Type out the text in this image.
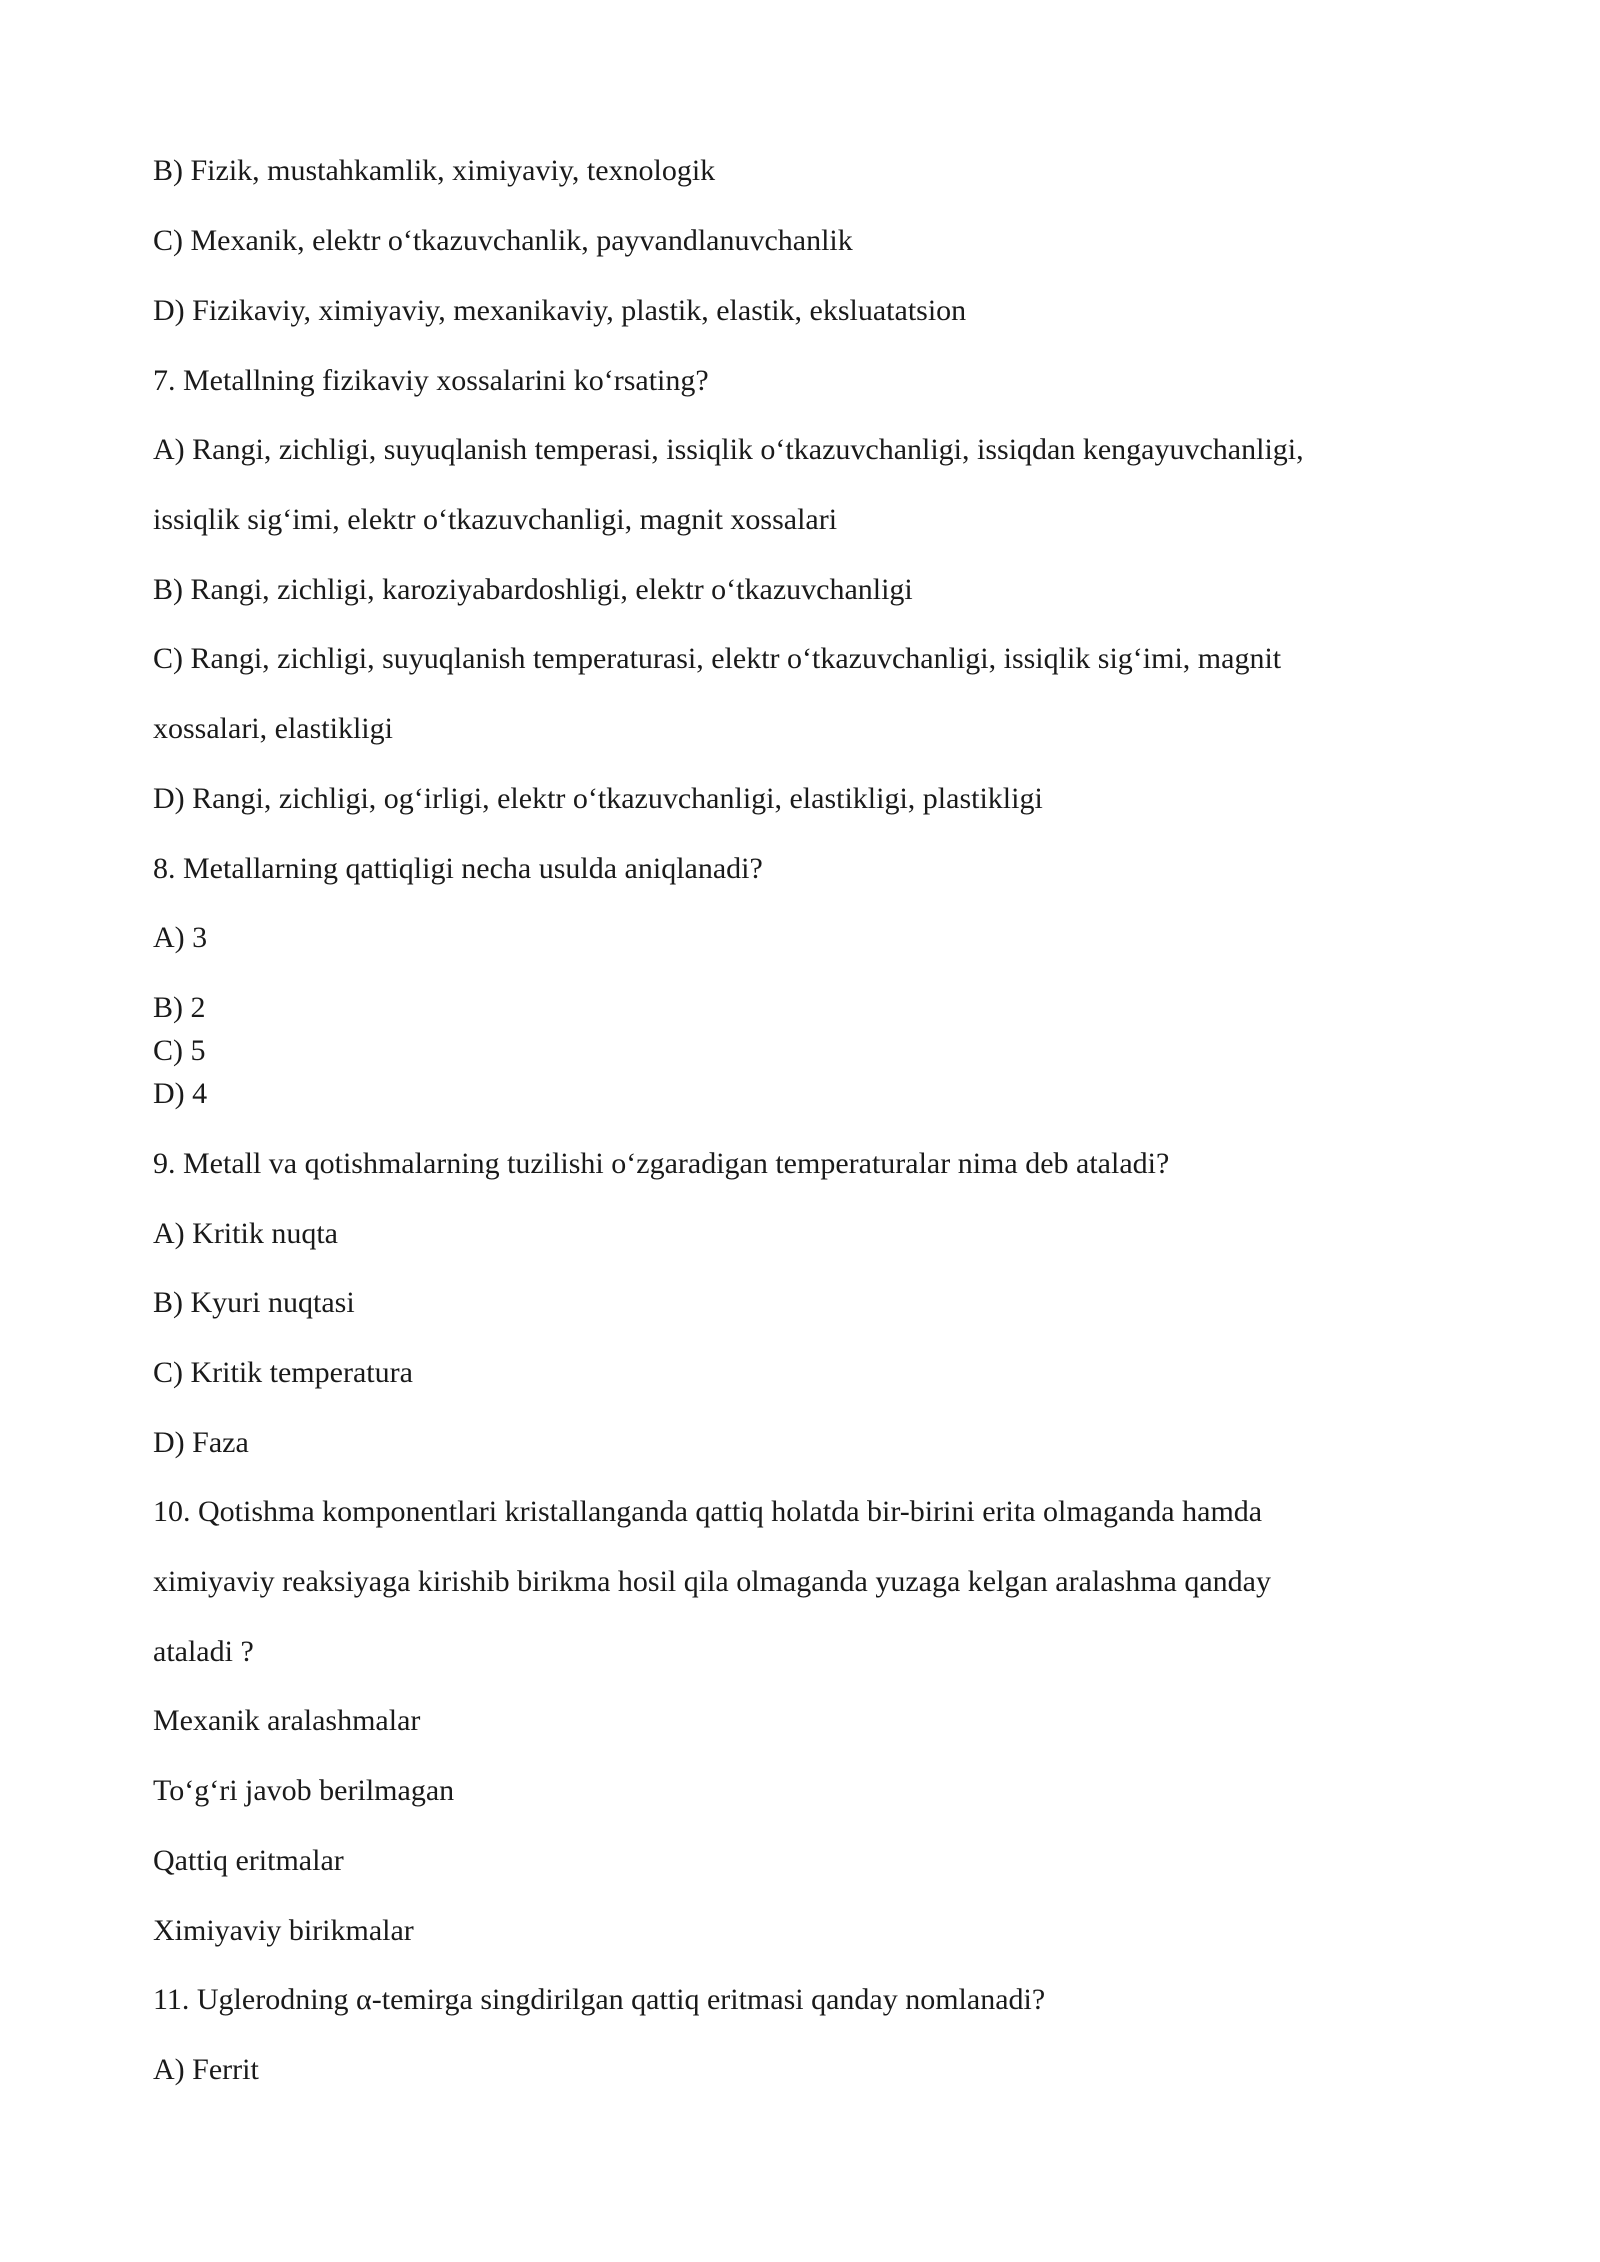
B) Fizik, mustahkamlik, ximiyaviy, texnologik

C) Mexanik, elektr o‘tkazuvchanlik, payvandlanuvchanlik

D) Fizikaviy, ximiyaviy, mexanikaviy, plastik, elastik, eksluatatsion

7. Metallning fizikaviy xossalarini ko‘rsating?

A) Rangi, zichligi, suyuqlanish temperasi, issiqlik o‘tkazuvchanligi, issiqdan kengayuvchanligi,

issiqlik sig‘imi, elektr o‘tkazuvchanligi, magnit xossalari

B) Rangi, zichligi, karoziyabardoshligi, elektr o‘tkazuvchanligi

C) Rangi, zichligi, suyuqlanish temperaturasi, elektr o‘tkazuvchanligi, issiqlik sig‘imi, magnit

xossalari, elastikligi

D) Rangi, zichligi, og‘irligi, elektr o‘tkazuvchanligi, elastikligi, plastikligi

8. Metallarning qattiqligi necha usulda aniqlanadi?

A) 3

B) 2

C) 5

D) 4

9. Metall va qotishmalarning tuzilishi o‘zgaradigan temperaturalar nima deb ataladi?

A) Kritik nuqta

B) Kyuri nuqtasi

C) Kritik temperatura

D) Faza

10. Qotishma komponentlari kristallanganda qattiq holatda bir-birini erita olmaganda hamda

ximiyaviy reaksiyaga kirishib birikma hosil qila olmaganda yuzaga kelgan aralashma qanday

ataladi ?

Mexanik aralashmalar

To‘g‘ri javob berilmagan

Qattiq eritmalar

Ximiyaviy birikmalar

11. Uglerodning α-temirga singdirilgan qattiq eritmasi qanday nomlanadi?

A) Ferrit
